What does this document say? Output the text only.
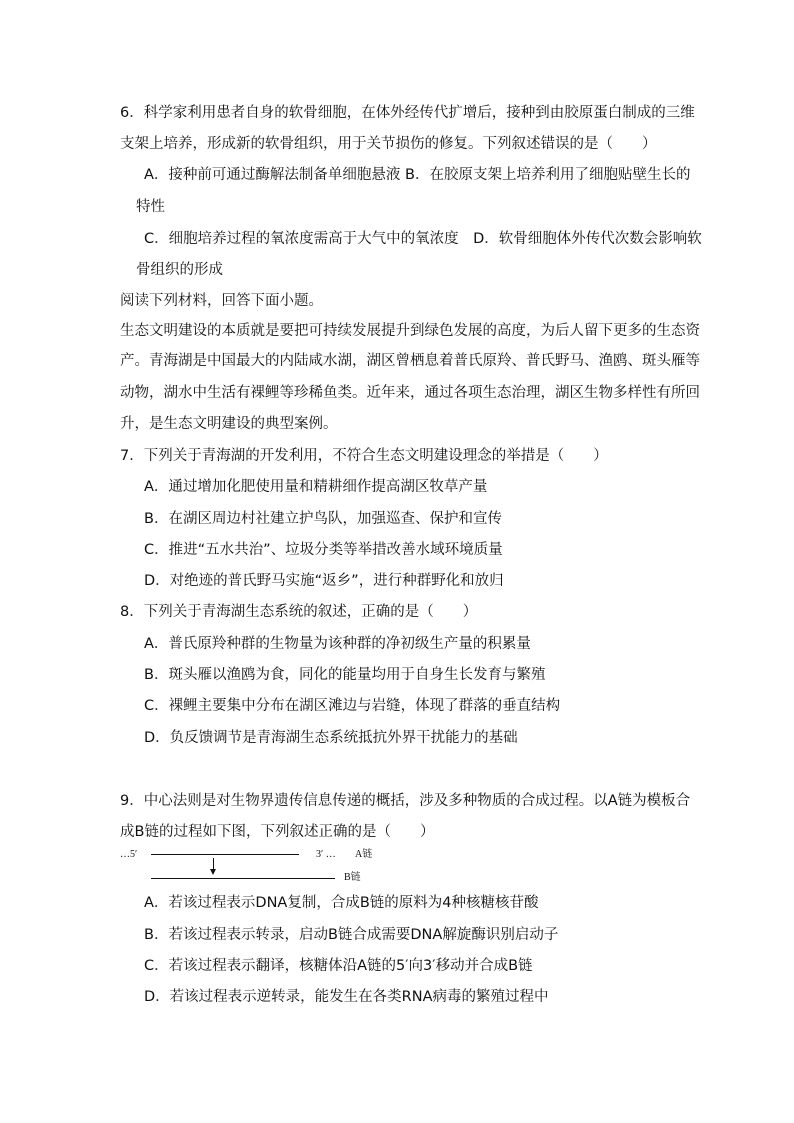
6．科学家利用患者自身的软骨细胞，在体外经传代扩增后，接种到由胶原蛋白制成的三维
支架上培养，形成新的软骨组织，用于关节损伤的修复。下列叙述错误的是（　　）
A．接种前可通过酶解法制备单细胞悬液 B．在胶原支架上培养利用了细胞贴壁生长的
特性
C．细胞培养过程的氧浓度需高于大气中的氧浓度　D．软骨细胞体外传代次数会影响软
骨组织的形成
阅读下列材料，回答下面小题。
生态文明建设的本质就是要把可持续发展提升到绿色发展的高度，为后人留下更多的生态资
产。青海湖是中国最大的内陆咸水湖，湖区曾栖息着普氏原羚、普氏野马、渔鸥、斑头雁等
动物，湖水中生活有裸鲤等珍稀鱼类。近年来，通过各项生态治理，湖区生物多样性有所回
升，是生态文明建设的典型案例。
7．下列关于青海湖的开发利用，不符合生态文明建设理念的举措是（　　）
A．通过增加化肥使用量和精耕细作提高湖区牧草产量
B．在湖区周边村社建立护鸟队，加强巡查、保护和宣传
C．推进“五水共治”、垃圾分类等举措改善水域环境质量
D．对绝迹的普氏野马实施“返乡”，进行种群野化和放归
8．下列关于青海湖生态系统的叙述，正确的是（　　）
A．普氏原羚种群的生物量为该种群的净初级生产量的积累量
B．斑头雁以渔鸥为食，同化的能量均用于自身生长发育与繁殖
C．裸鲤主要集中分布在湖区滩边与岩缝，体现了群落的垂直结构
D．负反馈调节是青海湖生态系统抵抗外界干扰能力的基础
9．中心法则是对生物界遗传信息传递的概括，涉及多种物质的合成过程。以A链为模板合
成B链的过程如下图，下列叙述正确的是（　　）
…5′	3′ … A链
B链
A．若该过程表示DNA复制，合成B链的原料为4种核糖核苷酸
B．若该过程表示转录，启动B链合成需要DNA解旋酶识别启动子
C．若该过程表示翻译，核糖体沿A链的5′向3′移动并合成B链
D．若该过程表示逆转录，能发生在各类RNA病毒的繁殖过程中
